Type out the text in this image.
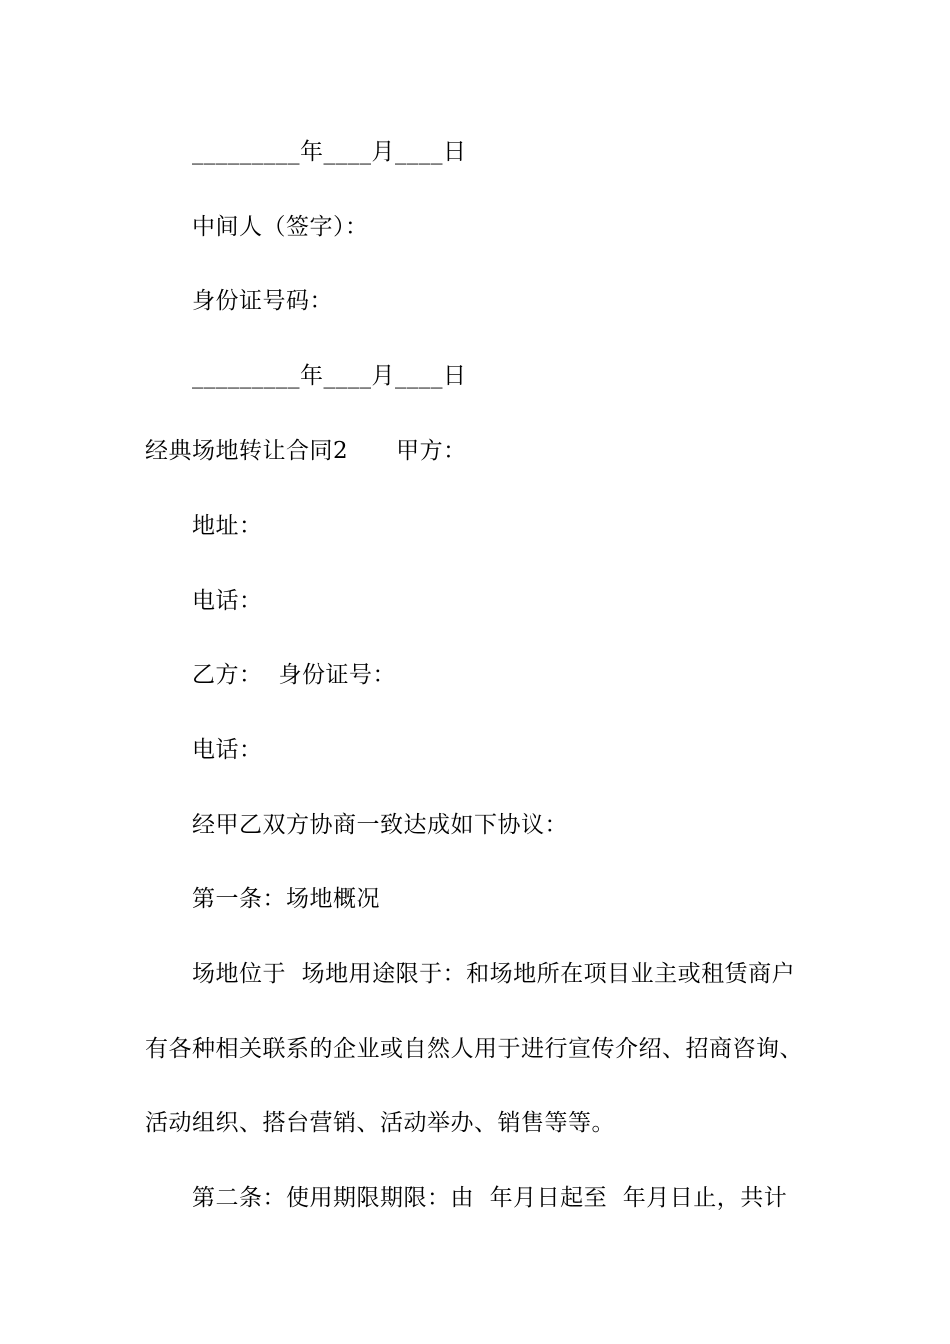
_________年____月____日
中间人（签字）：
身份证号码：
_________年____月____日
经典场地转让合同2 甲方：
地址：
电话：
乙方： 身份证号：
电话：
经甲乙双方协商一致达成如下协议：
第一条：场地概况
场地位于  场地用途限于：和场地所在项目业主或租赁商户
有各种相关联系的企业或自然人用于进行宣传介绍、招商咨询、
活动组织、搭台营销、活动举办、销售等等。
第二条：使用期限期限：由  年月日起至  年月日止，共计
